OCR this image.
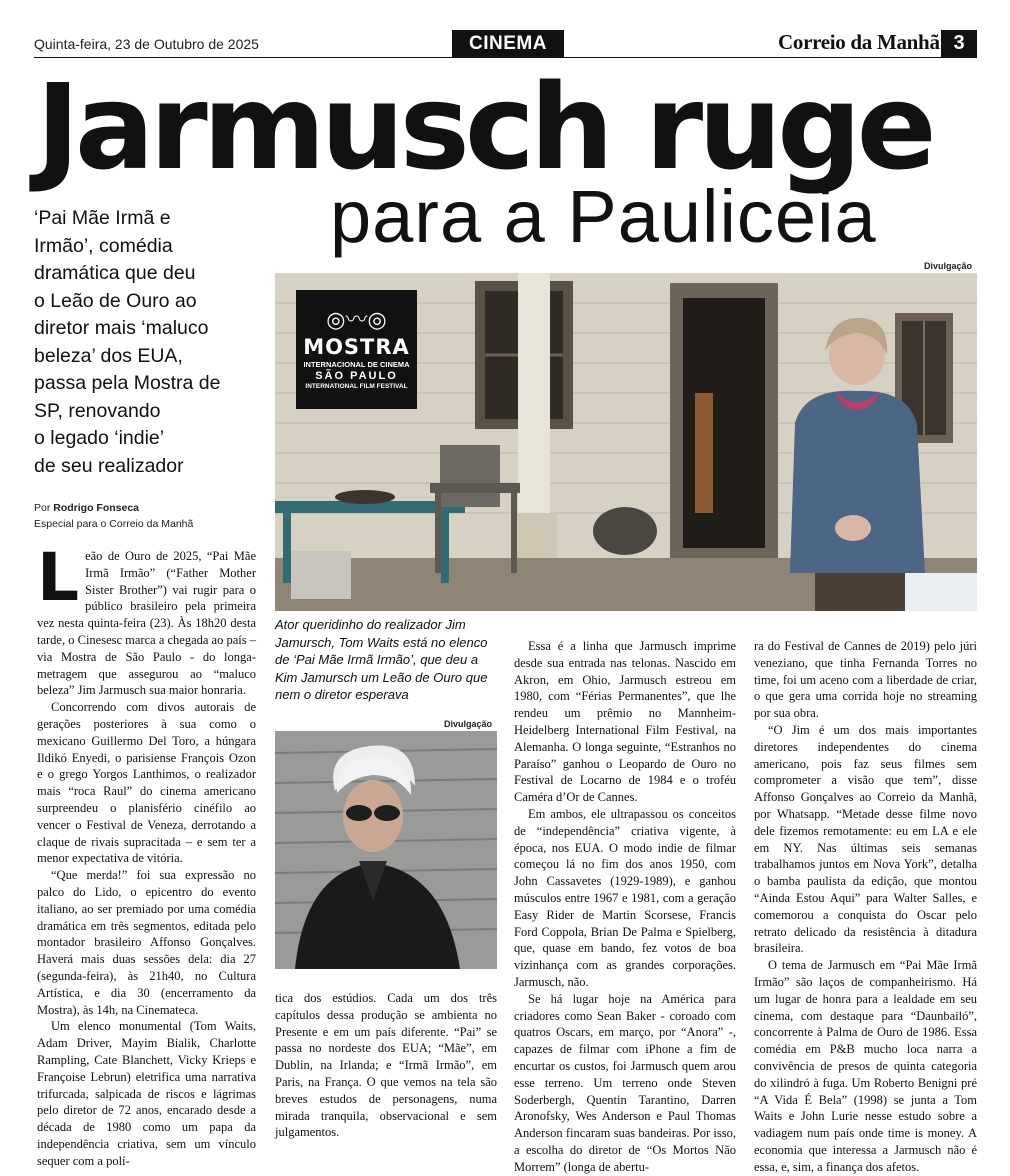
Quinta-feira, 23 de Outubro de 2025	CINEMA	Correio da Manhã 3
Jarmusch ruge
para a Pauliceia
‘Pai Mãe Irmã e
Irmão’, comédia
dramática que deu
o Leão de Ouro ao
diretor mais ‘maluco
beleza’ dos EUA,
passa pela Mostra de
SP, renovando
o legado ‘indie’
de seu realizador
Por Rodrigo Fonseca
Especial para o Correio da Manhã
Divulgação
◎〰◎
MOSTRA
INTERNACIONAL DE CINEMA
SÃO PAULO
INTERNATIONAL FILM FESTIVAL
Ator queridinho do realizador Jim Jamursch, Tom Waits está no elenco de ‘Pai Mãe Irmã Irmão’, que deu a Kim Jamursch um Leão de Ouro que nem o diretor esperava
Divulgação

Leão de Ouro de 2025, “Pai Mãe Irmã Irmão” (“Father Mother Sister Brother”) vai rugir para o público brasileiro pela primeira vez nesta quinta-feira (23). Às 18h20 desta tarde, o Cinesesc marca a chegada ao país – via Mostra de São Paulo - do longa-metragem que assegurou ao “maluco beleza” Jim Jarmusch sua maior honraria.

Concorrendo com divos autorais de gerações posteriores à sua como o mexicano Guillermo Del Toro, a húngara Ildikó Enyedi, o parisiense François Ozon e o grego Yorgos Lanthimos, o realizador mais “roca Raul” do cinema americano surpreendeu o planisfério cinéfilo ao vencer o Festival de Veneza, derrotando a claque de rivais supracitada – e sem ter a menor expectativa de vitória.

“Que merda!” foi sua expressão no palco do Lido, o epicentro do evento italiano, ao ser premiado por uma comédia dramática em três segmentos, editada pelo montador brasileiro Affonso Gonçalves. Haverá mais duas sessões dela: dia 27 (segunda-feira), às 21h40, no Cultura Artística, e dia 30 (encerramento da Mostra), às 14h, na Cinemateca.

Um elenco monumental (Tom Waits, Adam Driver, Mayim Bialik, Charlotte Rampling, Cate Blanchett, Vicky Krieps e Françoise Lebrun) eletrifica uma narrativa trifurcada, salpicada de riscos e lágrimas pelo diretor de 72 anos, encarado desde a década de 1980 como um papa da independência criativa, sem um vínculo sequer com a polí-

tica dos estúdios. Cada um dos três capítulos dessa produção se ambienta no Presente e em um país diferente. “Pai” se passa no nordeste dos EUA; “Mãe”, em Dublin, na Irlanda; e “Irmã Irmão”, em Paris, na França. O que vemos na tela são breves estudos de personagens, numa mirada tranquila, observacional e sem julgamentos.

Essa é a linha que Jarmusch imprime desde sua entrada nas telonas. Nascido em Akron, em Ohio, Jarmusch estreou em 1980, com “Férias Permanentes”, que lhe rendeu um prêmio no Mannheim-Heidelberg International Film Festival, na Alemanha. O longa seguinte, “Estranhos no Paraíso” ganhou o Leopardo de Ouro no Festival de Locarno de 1984 e o troféu Caméra d’Or de Cannes.

Em ambos, ele ultrapassou os conceitos de “independência” criativa vigente, à época, nos EUA. O modo indie de filmar começou lá no fim dos anos 1950, com John Cassavetes (1929-1989), e ganhou músculos entre 1967 e 1981, com a geração Easy Rider de Martin Scorsese, Francis Ford Coppola, Brian De Palma e Spielberg, que, quase em bando, fez votos de boa vizinhança com as grandes corporações. Jarmusch, não.

Se há lugar hoje na América para criadores como Sean Baker - coroado com quatros Oscars, em março, por “Anora” -, capazes de filmar com iPhone a fim de encurtar os custos, foi Jarmusch quem arou esse terreno. Um terreno onde Steven Soderbergh, Quentin Tarantino, Darren Aronofsky, Wes Anderson e Paul Thomas Anderson fincaram suas bandeiras. Por isso, a escolha do diretor de “Os Mortos Não Morrem” (longa de abertu-

ra do Festival de Cannes de 2019) pelo júri veneziano, que tinha Fernanda Torres no time, foi um aceno com a liberdade de criar, o que gera uma corrida hoje no streaming por sua obra.

“O Jim é um dos mais importantes diretores independentes do cinema americano, pois faz seus filmes sem comprometer a visão que tem”, disse Affonso Gonçalves ao Correio da Manhã, por Whatsapp. “Metade desse filme novo dele fizemos remotamente: eu em LA e ele em NY. Nas últimas seis semanas trabalhamos juntos em Nova York”, detalha o bamba paulista da edição, que montou “Ainda Estou Aqui” para Walter Salles, e comemorou a conquista do Oscar pelo retrato delicado da resistência à ditadura brasileira.

O tema de Jarmusch em “Pai Mãe Irmã Irmão” são laços de companheirismo. Há um lugar de honra para a lealdade em seu cinema, com destaque para “Daunbailó”, concorrente à Palma de Ouro de 1986. Essa comédia em P&B mucho loca narra a convivência de presos de quinta categoria do xilindró à fuga. Um Roberto Benigni pré “A Vida É Bela” (1998) se junta a Tom Waits e John Lurie nesse estudo sobre a vadiagem num país onde time is money. A economia que interessa a Jarmusch não é essa, e, sim, a finança dos afetos.
